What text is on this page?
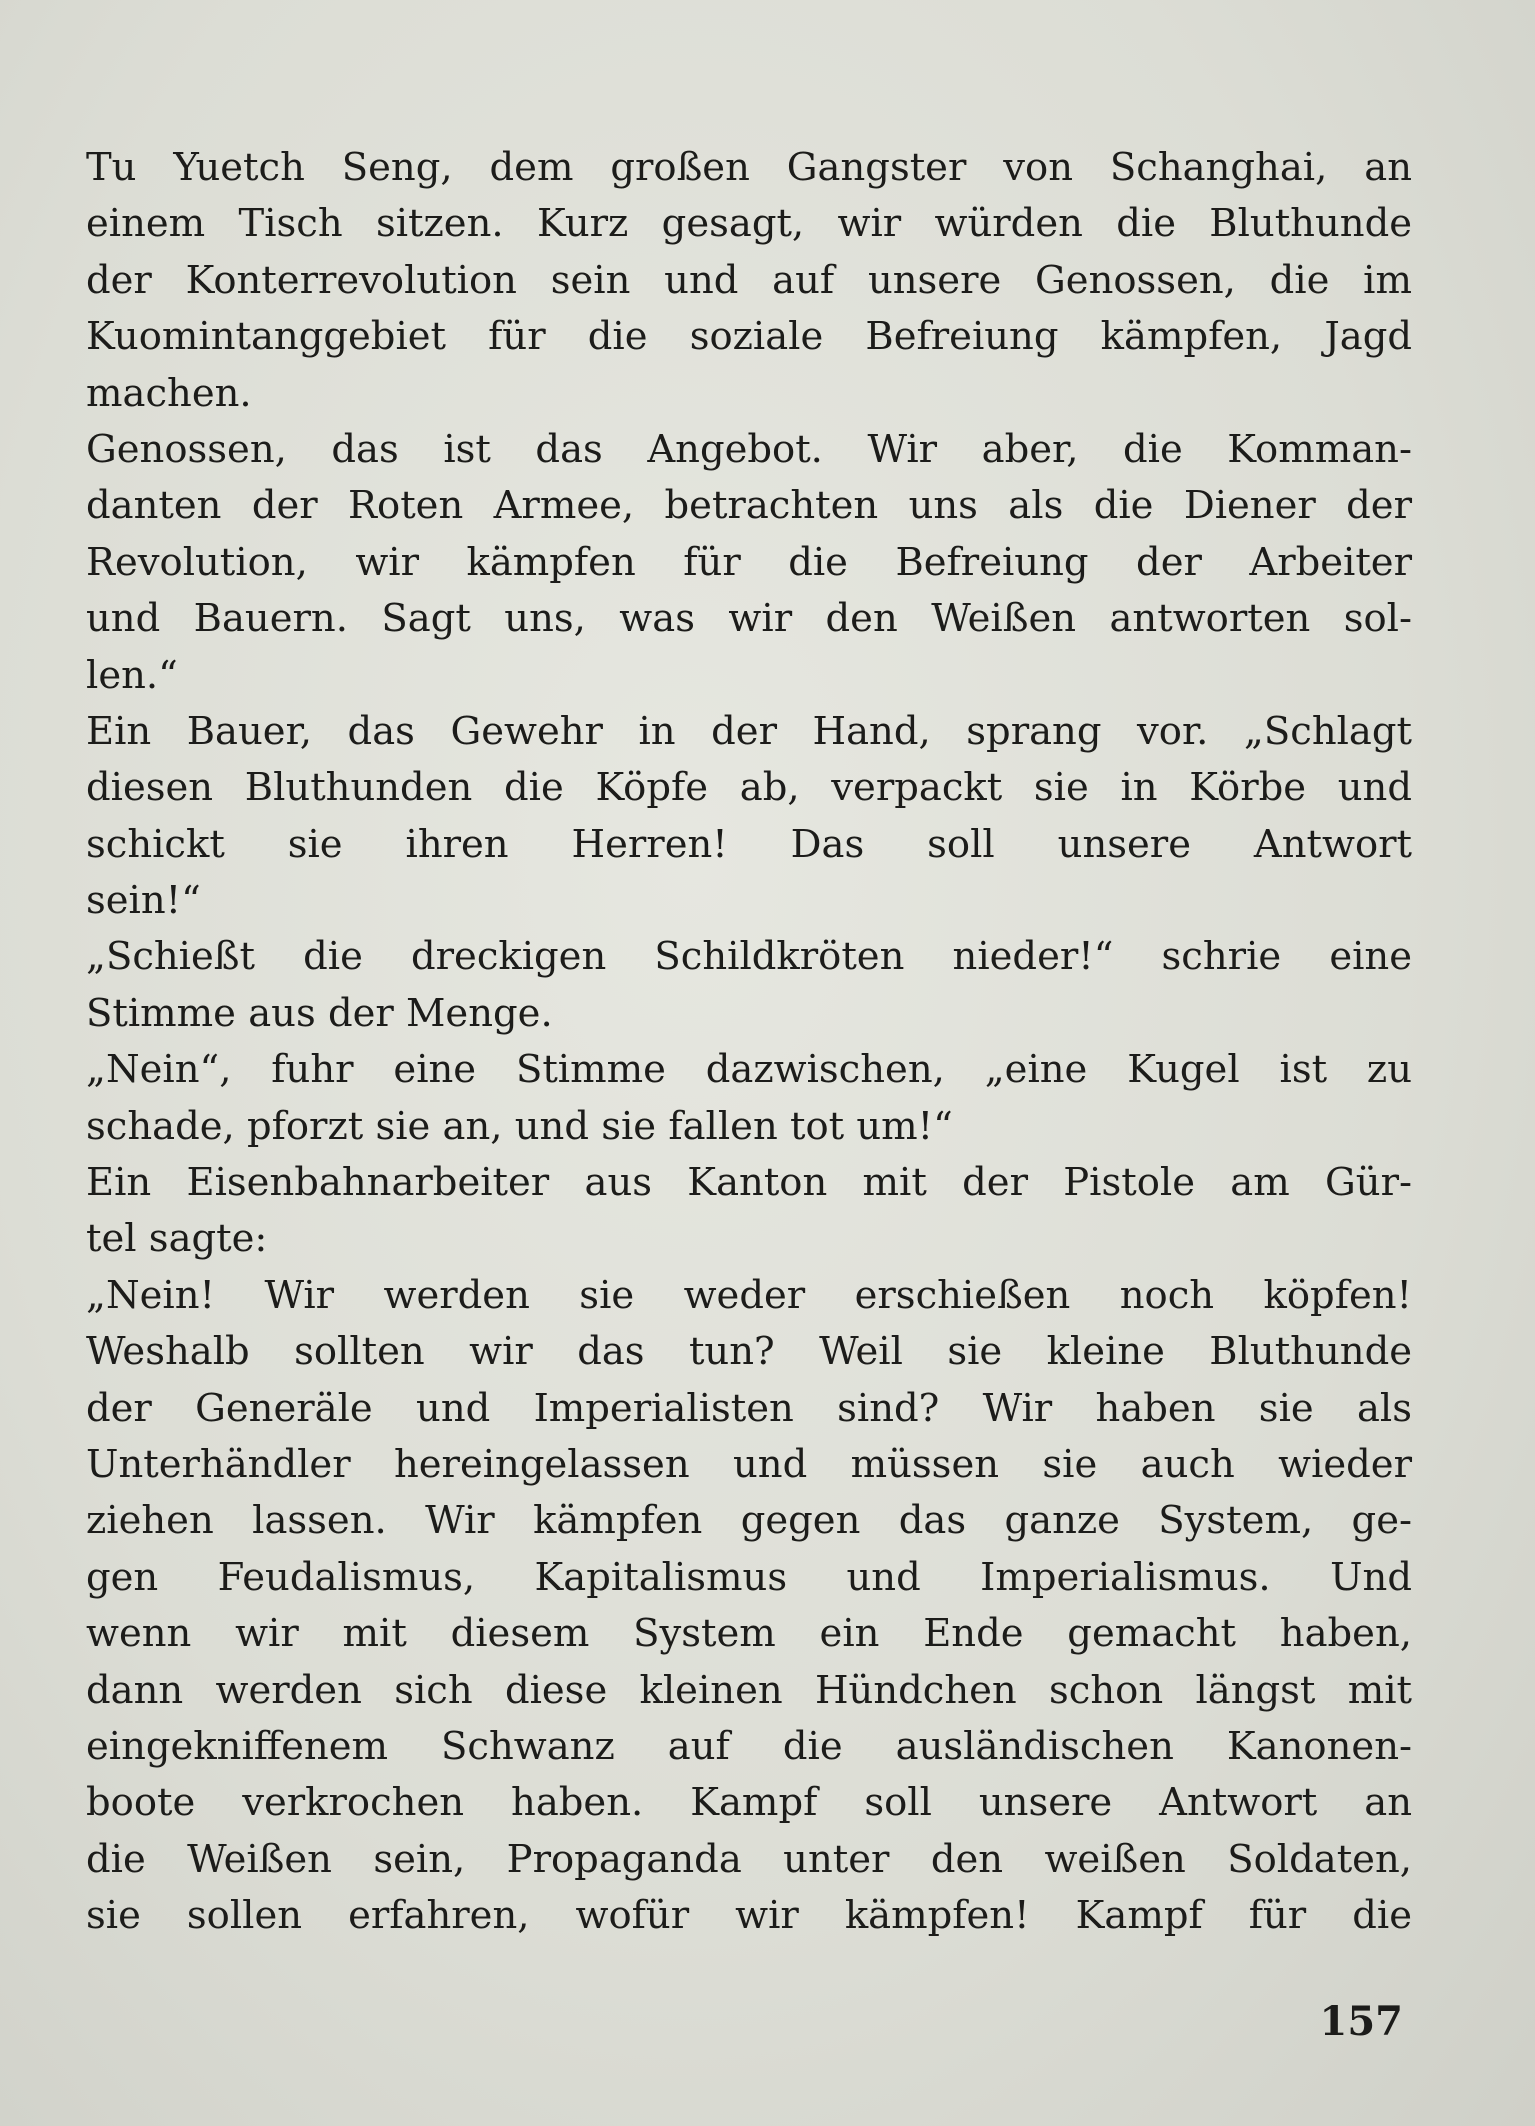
Tu Yuetch Seng, dem großen Gangster von Schanghai, an
einem Tisch sitzen. Kurz gesagt, wir würden die Bluthunde
der Konterrevolution sein und auf unsere Genossen, die im
Kuomintanggebiet für die soziale Befreiung kämpfen, Jagd
machen.
Genossen, das ist das Angebot. Wir aber, die Komman-
danten der Roten Armee, betrachten uns als die Diener der
Revolution, wir kämpfen für die Befreiung der Arbeiter
und Bauern. Sagt uns, was wir den Weißen antworten sol-
len.“
Ein Bauer, das Gewehr in der Hand, sprang vor. „Schlagt
diesen Bluthunden die Köpfe ab, verpackt sie in Körbe und
schickt sie ihren Herren! Das soll unsere Antwort
sein!“
„Schießt die dreckigen Schildkröten nieder!“ schrie eine
Stimme aus der Menge.
„Nein“, fuhr eine Stimme dazwischen, „eine Kugel ist zu
schade, pforzt sie an, und sie fallen tot um!“
Ein Eisenbahnarbeiter aus Kanton mit der Pistole am Gür-
tel sagte:
„Nein! Wir werden sie weder erschießen noch köpfen!
Weshalb sollten wir das tun? Weil sie kleine Bluthunde
der Generäle und Imperialisten sind? Wir haben sie als
Unterhändler hereingelassen und müssen sie auch wieder
ziehen lassen. Wir kämpfen gegen das ganze System, ge-
gen Feudalismus, Kapitalismus und Imperialismus. Und
wenn wir mit diesem System ein Ende gemacht haben,
dann werden sich diese kleinen Hündchen schon längst mit
eingekniffenem Schwanz auf die ausländischen Kanonen-
boote verkrochen haben. Kampf soll unsere Antwort an
die Weißen sein, Propaganda unter den weißen Soldaten,
sie sollen erfahren, wofür wir kämpfen! Kampf für die
157
